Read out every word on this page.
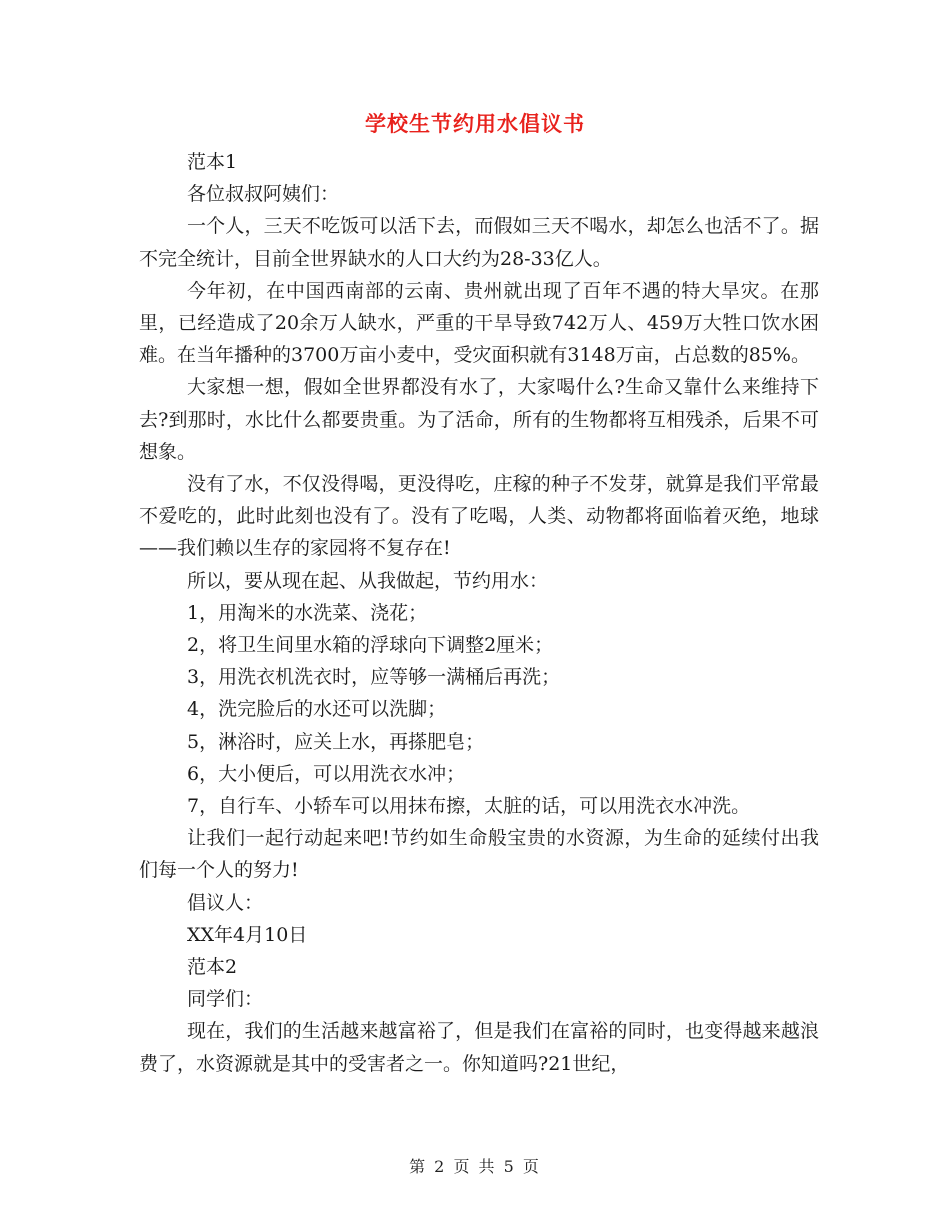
学校生节约用水倡议书

范本1

各位叔叔阿姨们：

一个人，三天不吃饭可以活下去，而假如三天不喝水，却怎么也活不了。据不完全统计，目前全世界缺水的人口大约为28-33亿人。

今年初，在中国西南部的云南、贵州就出现了百年不遇的特大旱灾。在那里，已经造成了20余万人缺水，严重的干旱导致742万人、459万大牲口饮水困难。在当年播种的3700万亩小麦中，受灾面积就有3148万亩，占总数的85%。

大家想一想，假如全世界都没有水了，大家喝什么?生命又靠什么来维持下去?到那时，水比什么都要贵重。为了活命，所有的生物都将互相残杀，后果不可想象。

没有了水，不仅没得喝，更没得吃，庄稼的种子不发芽，就算是我们平常最不爱吃的，此时此刻也没有了。没有了吃喝，人类、动物都将面临着灭绝，地球——我们赖以生存的家园将不复存在!

所以，要从现在起、从我做起，节约用水：

1，用淘米的水洗菜、浇花；

2，将卫生间里水箱的浮球向下调整2厘米；

3，用洗衣机洗衣时，应等够一满桶后再洗；

4，洗完脸后的水还可以洗脚；

5，淋浴时，应关上水，再搽肥皂；

6，大小便后，可以用洗衣水冲；

7，自行车、小轿车可以用抹布擦，太脏的话，可以用洗衣水冲洗。

让我们一起行动起来吧!节约如生命般宝贵的水资源，为生命的延续付出我们每一个人的努力!

倡议人：

XX年4月10日

范本2

同学们：

现在，我们的生活越来越富裕了，但是我们在富裕的同时，也变得越来越浪费了，水资源就是其中的受害者之一。你知道吗?21世纪，

第 2 页 共 5 页
